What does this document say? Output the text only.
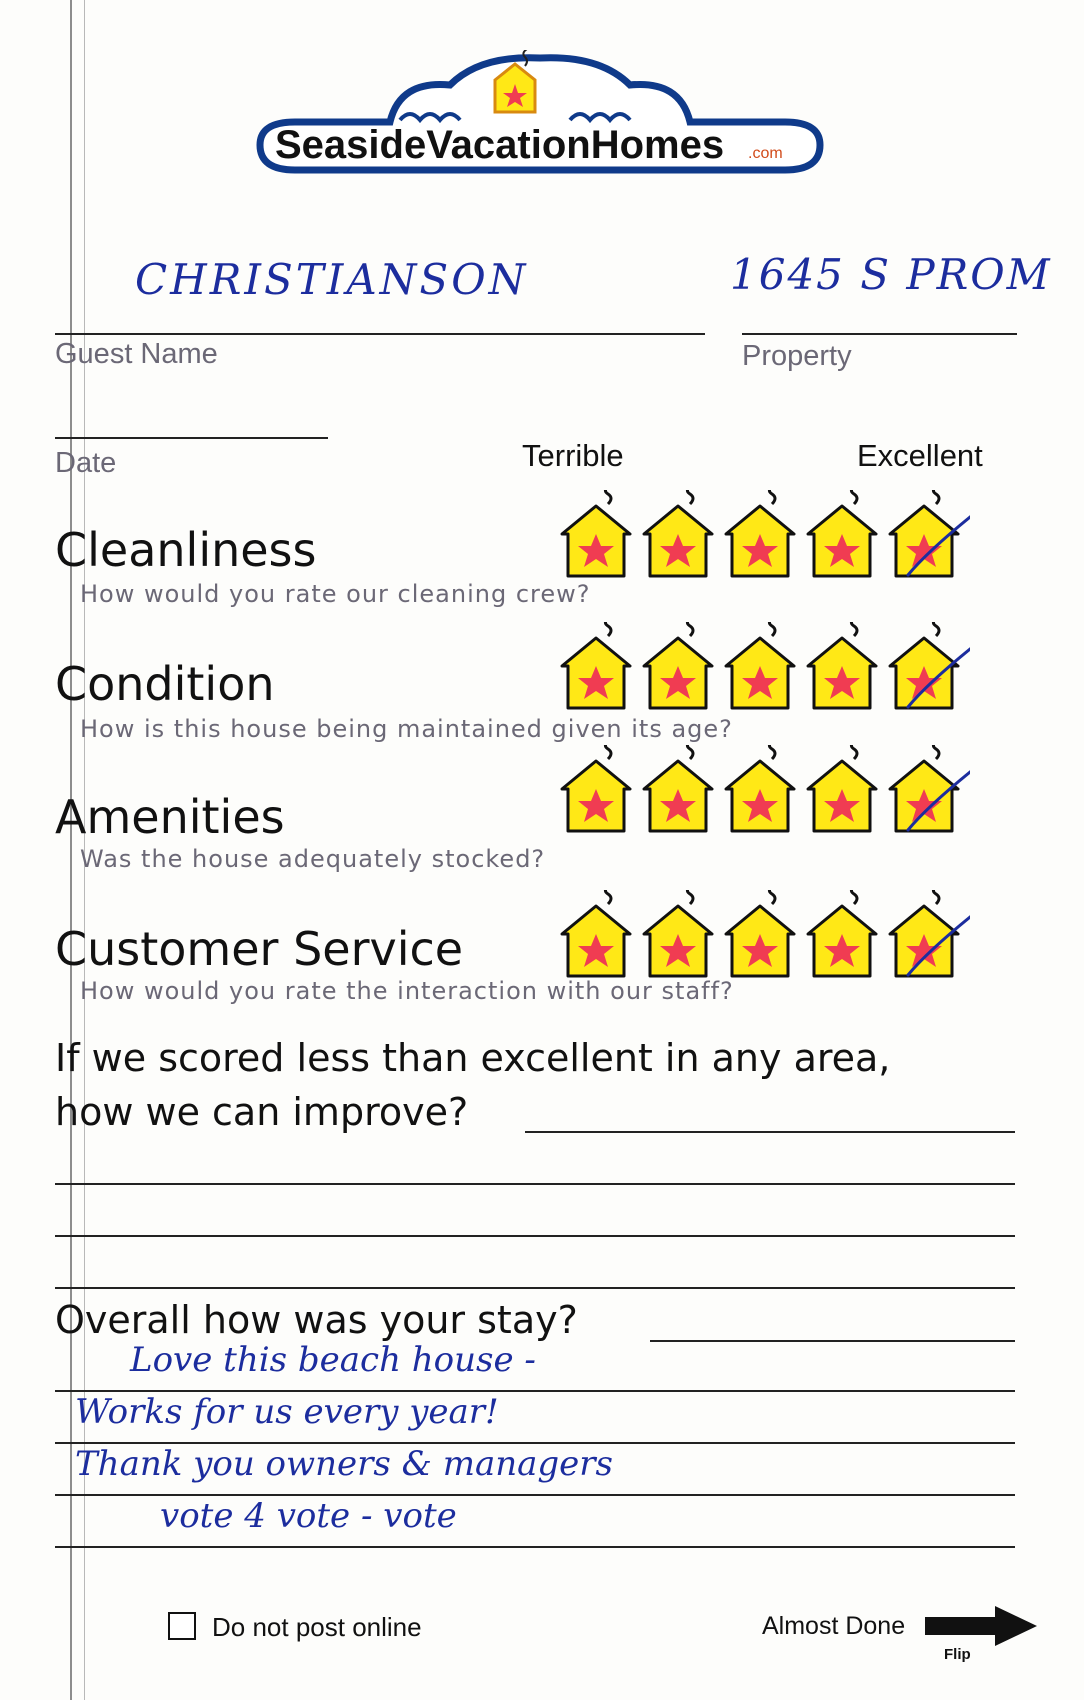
SeasideVacationHomes .com
CHRISTIANSON
Guest Name
1645 S PROM
Property
Date	Terrible	Excellent
Cleanliness
How would you rate our cleaning crew?
Condition
How is this house being maintained given its age?
Amenities
Was the house adequately stocked?
Customer Service
How would you rate the interaction with our staff?
If we scored less than excellent in any area,
how we can improve?
Overall how was your stay?
Love this beach house -
Works for us every year!
Thank you owners & managers
vote 4 vote - vote
Do not post online	Almost Done
Flip
